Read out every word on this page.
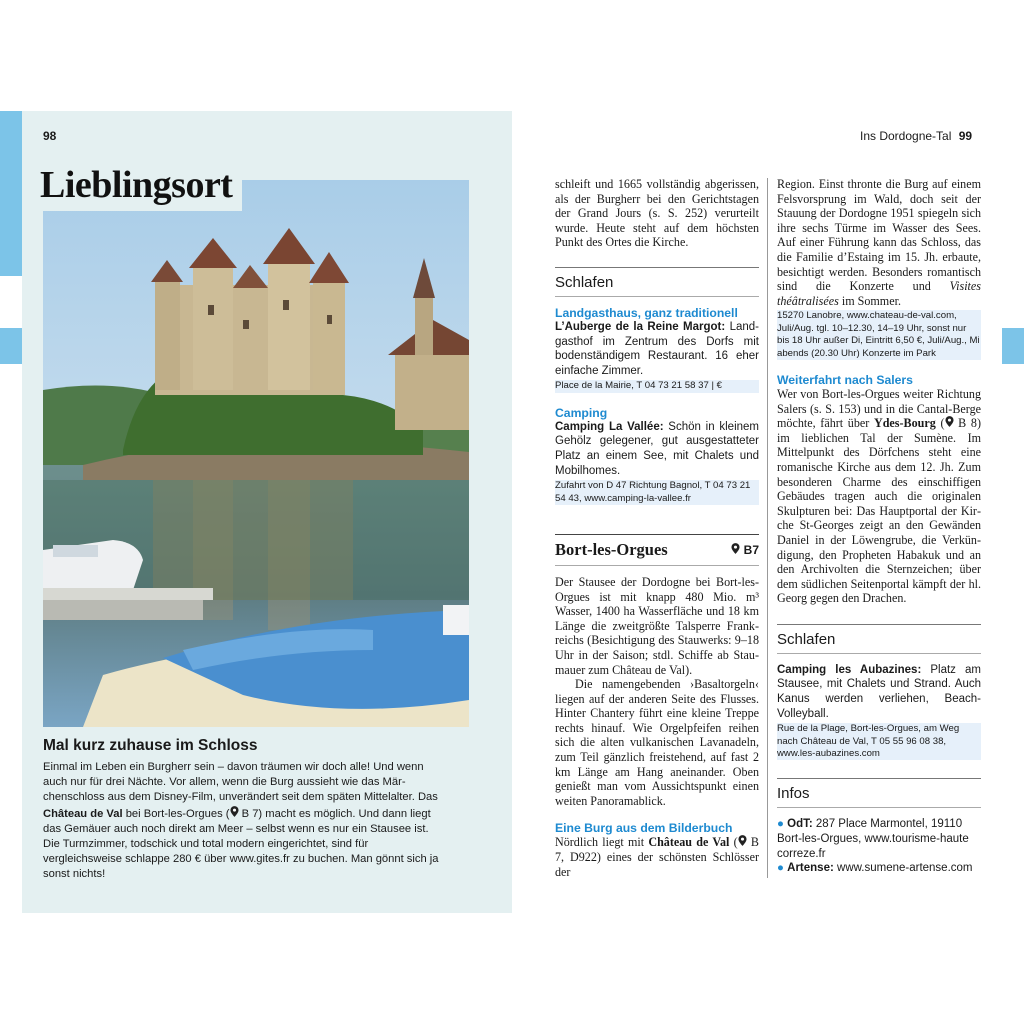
98
Lieblingsort
Mal kurz zuhause im Schloss
Einmal im Leben ein Burgherr sein – davon träumen wir doch alle! Und wenn auch nur für drei Nächte. Vor allem, wenn die Burg aussieht wie das Märchenschloss aus dem Disney-Film, unverändert seit dem späten Mittelalter. Das Château de Val bei Bort-les-Orgues ( B 7) macht es möglich. Und dann liegt das Gemäuer auch noch direkt am Meer – selbst wenn es nur ein Stausee ist. Die Turmzimmer, todschick und total modern eingerichtet, sind für vergleichsweise schlappe 280 € über www.gites.fr zu buchen. Man gönnt sich ja sonst nichts!
Ins Dordogne-Tal 99

schleift und 1665 vollständig abgerissen, als der Burgherr bei den Gerichtstagen der Grand Jours (s. S. 252) verurteilt wurde. Heute steht auf dem höchsten Punkt des Ortes die Kirche.

Schlafen
Landgasthaus, ganz traditionell

L’Auberge de la Reine Margot: Landgasthof im Zentrum des Dorfs mit bodenständigem Restaurant. 16 eher einfache Zimmer.

Place de la Mairie, T 04 73 21 58 37 | €

Camping

Camping La Vallée: Schön in kleinem Gehölz gelegener, gut ausgestatteter Platz an einem See, mit Chalets und Mobilhomes.

Zufahrt von D 47 Richtung Bagnol, T 04 73 21 54 43, www.camping-la-vallee.fr

Bort-les-Orgues	B7

Der Stausee der Dordogne bei Bort-les-Orgues ist mit knapp 480 Mio. m³ Wasser, 1400 ha Wasserfläche und 18 km Länge die zweitgrößte Talsperre Frankreichs (Besichtigung des Stauwerks: 9–18 Uhr in der Saison; stdl. Schiffe ab Staumauer zum Château de Val).

Die namengebenden ›Basaltorgeln‹ liegen auf der anderen Seite des Flusses. Hinter Chantery führt eine kleine Treppe rechts hinauf. Wie Orgelpfeifen reihen sich die alten vulkanischen Lavanadeln, zum Teil gänzlich freistehend, auf fast 2 km Länge am Hang aneinander. Oben genießt man vom Aussichtspunkt einen weiten Panoramablick.

Eine Burg aus dem Bilderbuch

Nördlich liegt mit Château de Val ( B 7, D922) eines der schönsten Schlösser der

Region. Einst thronte die Burg auf einem Felsvorsprung im Wald, doch seit der Stauung der Dordogne 1951 spiegeln sich ihre sechs Türme im Wasser des Sees. Auf einer Führung kann das Schloss, das die Familie d’Estaing im 15. Jh. erbaute, besichtigt werden. Besonders romantisch sind die Konzerte und Visites théâtralisées im Sommer.

15270 Lanobre, www.chateau-de-val.com, Juli/Aug. tgl. 10–12.30, 14–19 Uhr, sonst nur bis 18 Uhr außer Di, Eintritt 6,50 €, Juli/Aug., Mi abends (20.30 Uhr) Konzerte im Park

Weiterfahrt nach Salers

Wer von Bort-les-Orgues weiter Richtung Salers (s. S. 153) und in die Cantal-Berge möchte, fährt über Ydes-Bourg ( B 8) im lieblichen Tal der Sumène. Im Mittelpunkt des Dörfchens steht eine romanische Kirche aus dem 12. Jh. Zum besonderen Charme des einschiffigen Gebäudes tragen auch die originalen Skulpturen bei: Das Hauptportal der Kirche St-Georges zeigt an den Gewänden Daniel in der Löwengrube, die Verkündigung, den Propheten Habakuk und an den Archivolten die Sternzeichen; über dem südlichen Seitenportal kämpft der hl. Georg gegen den Drachen.

Schlafen

Camping les Aubazines: Platz am Stausee, mit Chalets und Strand. Auch Kanus werden verliehen, Beach-Volleyball.

Rue de la Plage, Bort-les-Orgues, am Weg nach Château de Val, T 05 55 96 08 38, www.les-aubazines.com

Infos

● OdT: 287 Place Marmontel, 19110 Bort-les-Orgues, www.tourisme-haute correze.fr

● Artense: www.sumene-artense.com
